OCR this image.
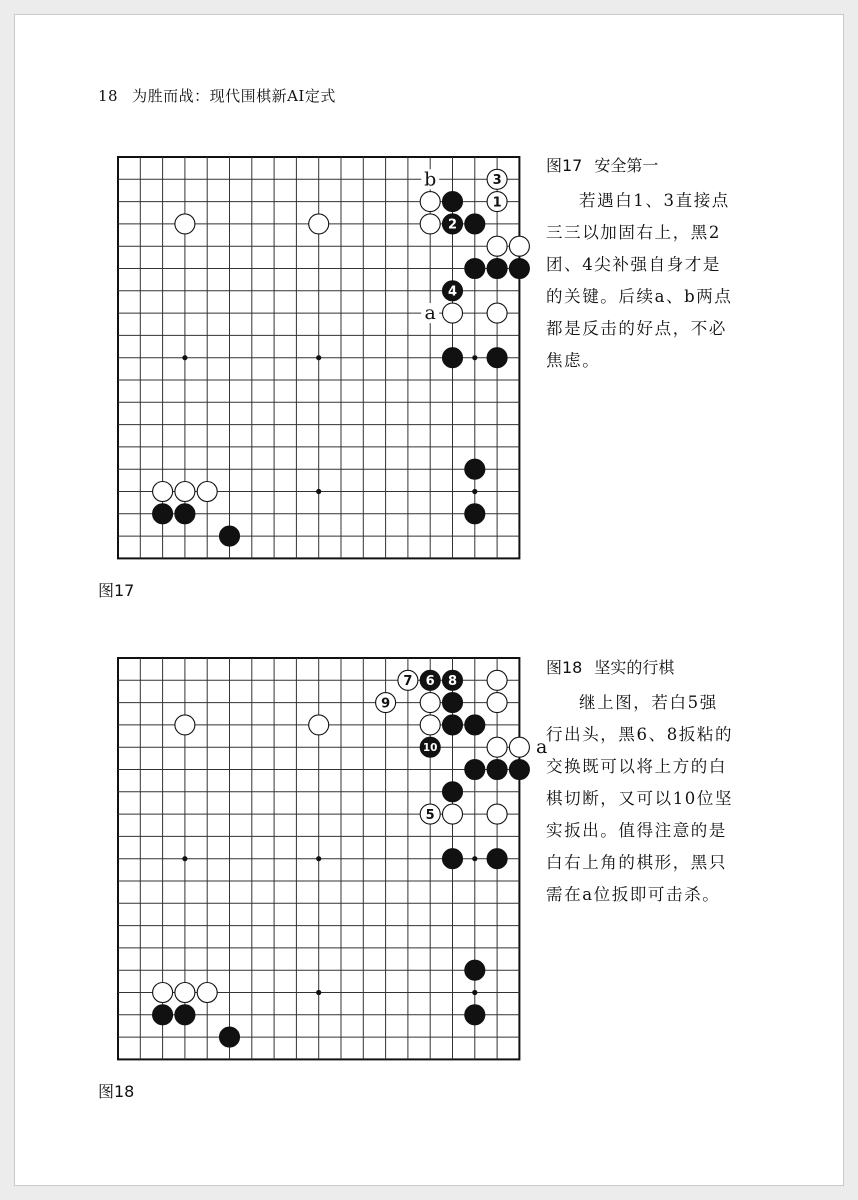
18 为胜而战：现代围棋新AI定式
b
a
2
3
1
4
图17
图17 安全第一
若遇白1、3直接点
三三以加固右上，黑2
团、4尖补强自身才是
的关键。后续a、b两点
都是反击的好点，不必
焦虑。
a
7 6 8
9
10
5
图18
图18 坚实的行棋
继上图，若白5强
行出头，黑6、8扳粘的
交换既可以将上方的白
棋切断，又可以10位坚
实扳出。值得注意的是
白右上角的棋形，黑只
需在a位扳即可击杀。
